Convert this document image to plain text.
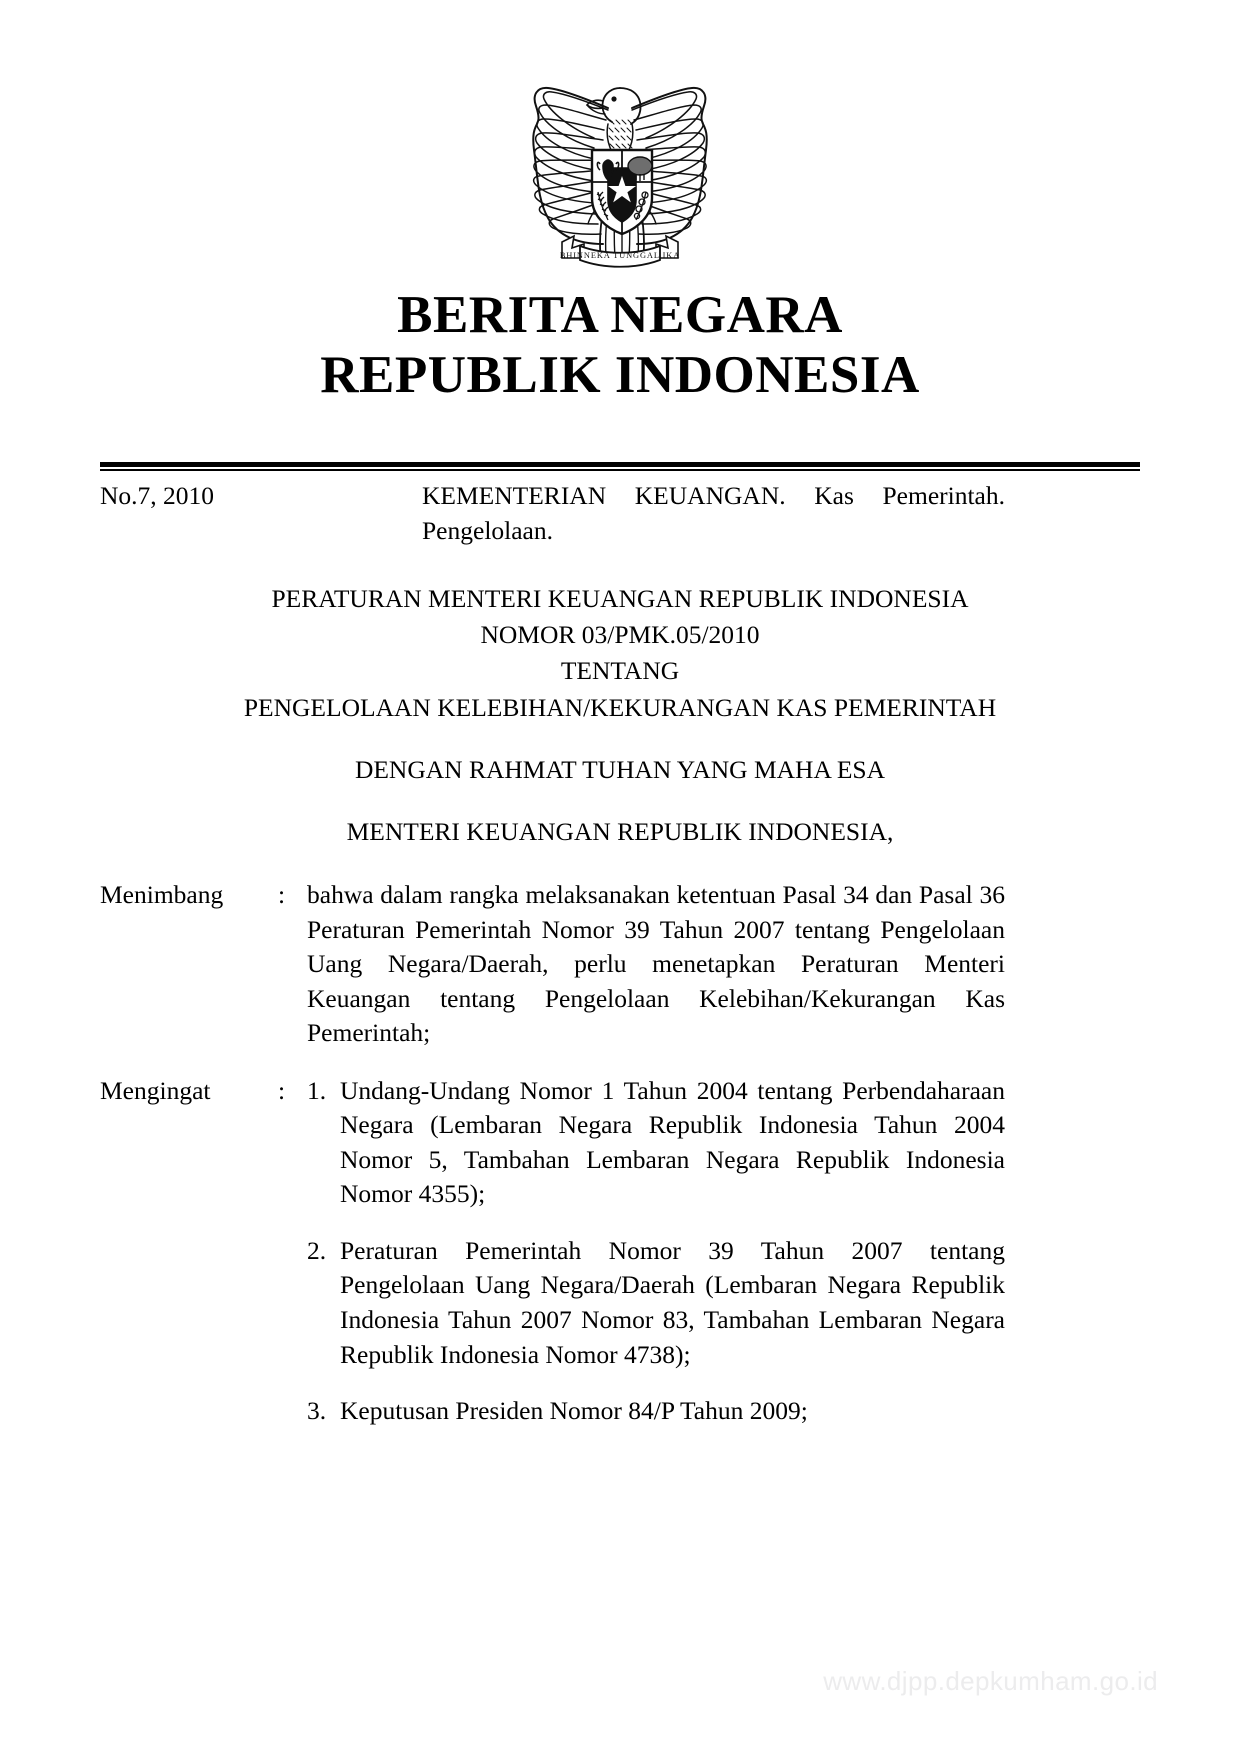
BHINNEKA TUNGGAL IKA
BERITA NEGARA
REPUBLIK INDONESIA
No.7, 2010	KEMENTERIAN KEUANGAN. Kas Pemerintah. Pengelolaan.
PERATURAN MENTERI KEUANGAN REPUBLIK INDONESIA
NOMOR 03/PMK.05/2010
TENTANG
PENGELOLAAN KELEBIHAN/KEKURANGAN KAS PEMERINTAH
DENGAN RAHMAT TUHAN YANG MAHA ESA
MENTERI KEUANGAN REPUBLIK INDONESIA,
Menimbang	: bahwa dalam rangka melaksanakan ketentuan Pasal 34 dan Pasal 36 Peraturan Pemerintah Nomor 39 Tahun 2007 tentang Pengelolaan Uang Negara/Daerah, perlu menetapkan Peraturan Menteri Keuangan tentang Pengelolaan Kelebihan/Kekurangan Kas Pemerintah;

Mengingat	: 1. Undang-Undang Nomor 1 Tahun 2004 tentang Perbendaharaan Negara (Lembaran Negara Republik Indonesia Tahun 2004 Nomor 5, Tambahan Lembaran Negara Republik Indonesia Nomor 4355);
2. Peraturan Pemerintah Nomor 39 Tahun 2007 tentang Pengelolaan Uang Negara/Daerah (Lembaran Negara Republik Indonesia Tahun 2007 Nomor 83, Tambahan Lembaran Negara Republik Indonesia Nomor 4738);
3. Keputusan Presiden Nomor 84/P Tahun 2009;
www.djpp.depkumham.go.id
